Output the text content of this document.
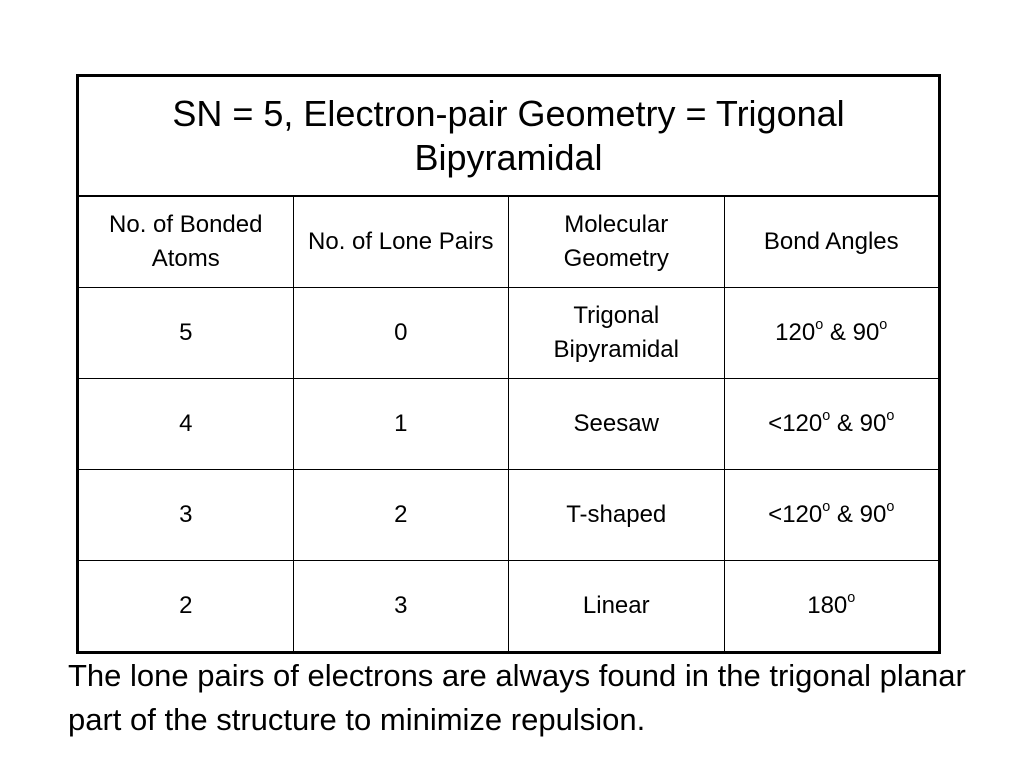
SN = 5, Electron-pair Geometry = Trigonal Bipyramidal			
No. of Bonded Atoms	No. of Lone Pairs	Molecular Geometry	Bond Angles
5	0	Trigonal Bipyramidal	120$^o$ & 90$^o$
4	1	Seesaw	$<120^o$ & 90$^o$
3	2	T-shaped	$<120^o$ & 90$^o$
2	3	Linear	180$^o$

The lone pairs of electrons are always found in the trigonal planar part of the structure to minimize repulsion.
